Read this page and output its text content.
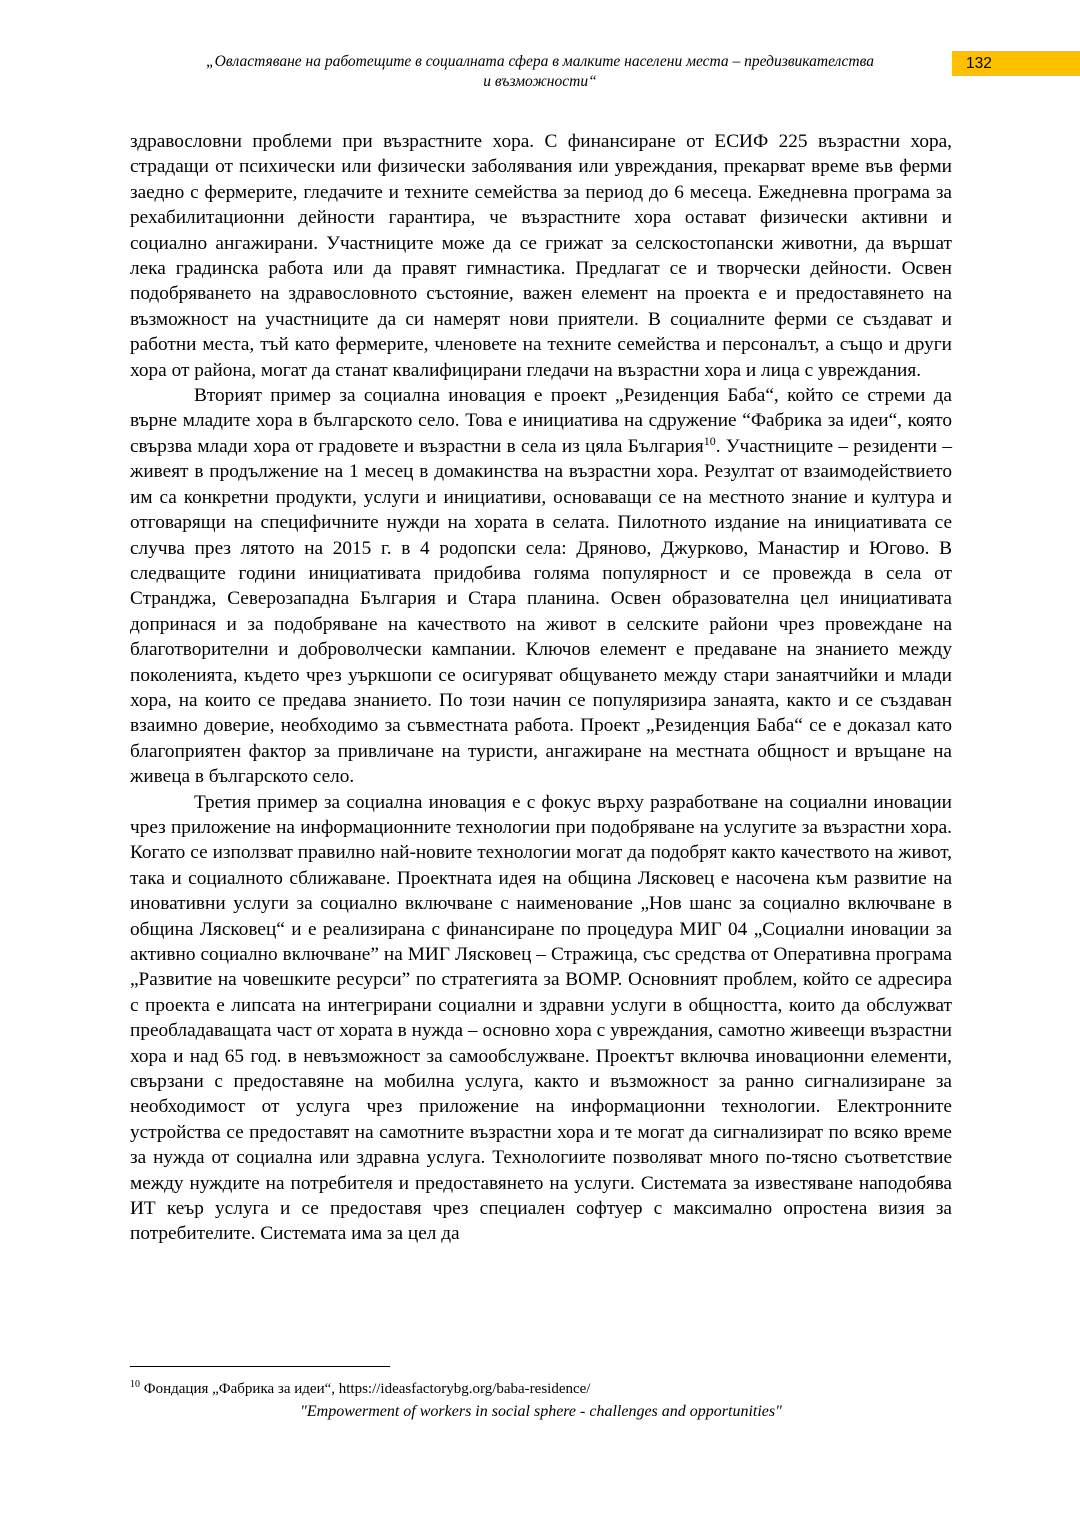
„Овластяване на работещите в социалната сфера в малките населени места – предизвикателства
и възможности“
132

здравословни проблеми при възрастните хора. С финансиране от ЕСИФ 225 възрастни хора, страдащи от психически или физически заболявания или увреждания, прекарват време във ферми заедно с фермерите, гледачите и техните семейства за период до 6 месеца. Ежедневна програма за рехабилитационни дейности гарантира, че възрастните хора остават физически активни и социално ангажирани. Участниците може да се грижат за селскостопански животни, да вършат лека градинска работа или да правят гимнастика. Предлагат се и творчески дейности. Освен подобряването на здравословното състояние, важен елемент на проекта е и предоставянето на възможност на участниците да си намерят нови приятели. В социалните ферми се създават и работни места, тъй като фермерите, членовете на техните семейства и персоналът, а също и други хора от района, могат да станат квалифицирани гледачи на възрастни хора и лица с увреждания.

Вторият пример за социална иновация е проект „Резиденция Баба“, който се стреми да върне младите хора в българското село. Това е инициатива на сдружение “Фабрика за идеи“, която свързва млади хора от градовете и възрастни в села из цяла България$^{10}$. Участниците – резиденти – живеят в продължение на 1 месец в домакинства на възрастни хора. Резултат от взаимодействието им са конкретни продукти, услуги и инициативи, основаващи се на местното знание и култура и отговарящи на специфичните нужди на хората в селата. Пилотното издание на инициативата се случва през лятото на 2015 г. в 4 родопски села: Дряново, Джурково, Манастир и Югово. В следващите години инициативата придобива голяма популярност и се провежда в села от Странджа, Северозападна България и Стара планина. Освен образователна цел инициативата допринася и за подобряване на качеството на живот в селските райони чрез провеждане на благотворителни и доброволчески кампании. Ключов елемент е предаване на знанието между поколенията, където чрез уъркшопи се осигуряват общуването между стари занаятчийки и млади хора, на които се предава знанието. По този начин се популяризира занаята, както и се създаван взаимно доверие, необходимо за съвместната работа. Проект „Резиденция Баба“ се е доказал като благоприятен фактор за привличане на туристи, ангажиране на местната общност и връщане на живеца в българското село.

Третия пример за социална иновация е с фокус върху разработване на социални иновации чрез приложение на информационните технологии при подобряване на услугите за възрастни хора. Когато се използват правилно най-новите технологии могат да подобрят както качеството на живот, така и социалното сближаване. Проектната идея на община Лясковец е насочена към развитие на иновативни услуги за социално включване с наименование „Нов шанс за социално включване в община Лясковец“ и е реализирана с финансиране по процедура МИГ 04 „Социални иновации за активно социално включване” на МИГ Лясковец – Стражица, със средства от Оперативна програма „Развитие на човешките ресурси” по стратегията за ВОМР. Основният проблем, който се адресира с проекта е липсата на интегрирани социални и здравни услуги в общността, които да обслужват преобладаващата част от хората в нужда – основно хора с увреждания, самотно живеещи възрастни хора и над 65 год. в невъзможност за самообслужване. Проектът включва иновационни елементи, свързани с предоставяне на мобилна услуга, както и възможност за ранно сигнализиране за необходимост от услуга чрез приложение на информационни технологии. Електронните устройства се предоставят на самотните възрастни хора и те могат да сигнализират по всяко време за нужда от социална или здравна услуга. Технологиите позволяват много по-тясно съответствие между нуждите на потребителя и предоставянето на услуги. Системата за известяване наподобява ИТ кеър услуга и се предоставя чрез специален софтуер с максимално опростена визия за потребителите. Системата има за цел да

$^{10}$ Фондация „Фабрика за идеи“, https://ideasfactorybg.org/baba-residence/
"Empowerment of workers in social sphere - challenges and opportunities"
